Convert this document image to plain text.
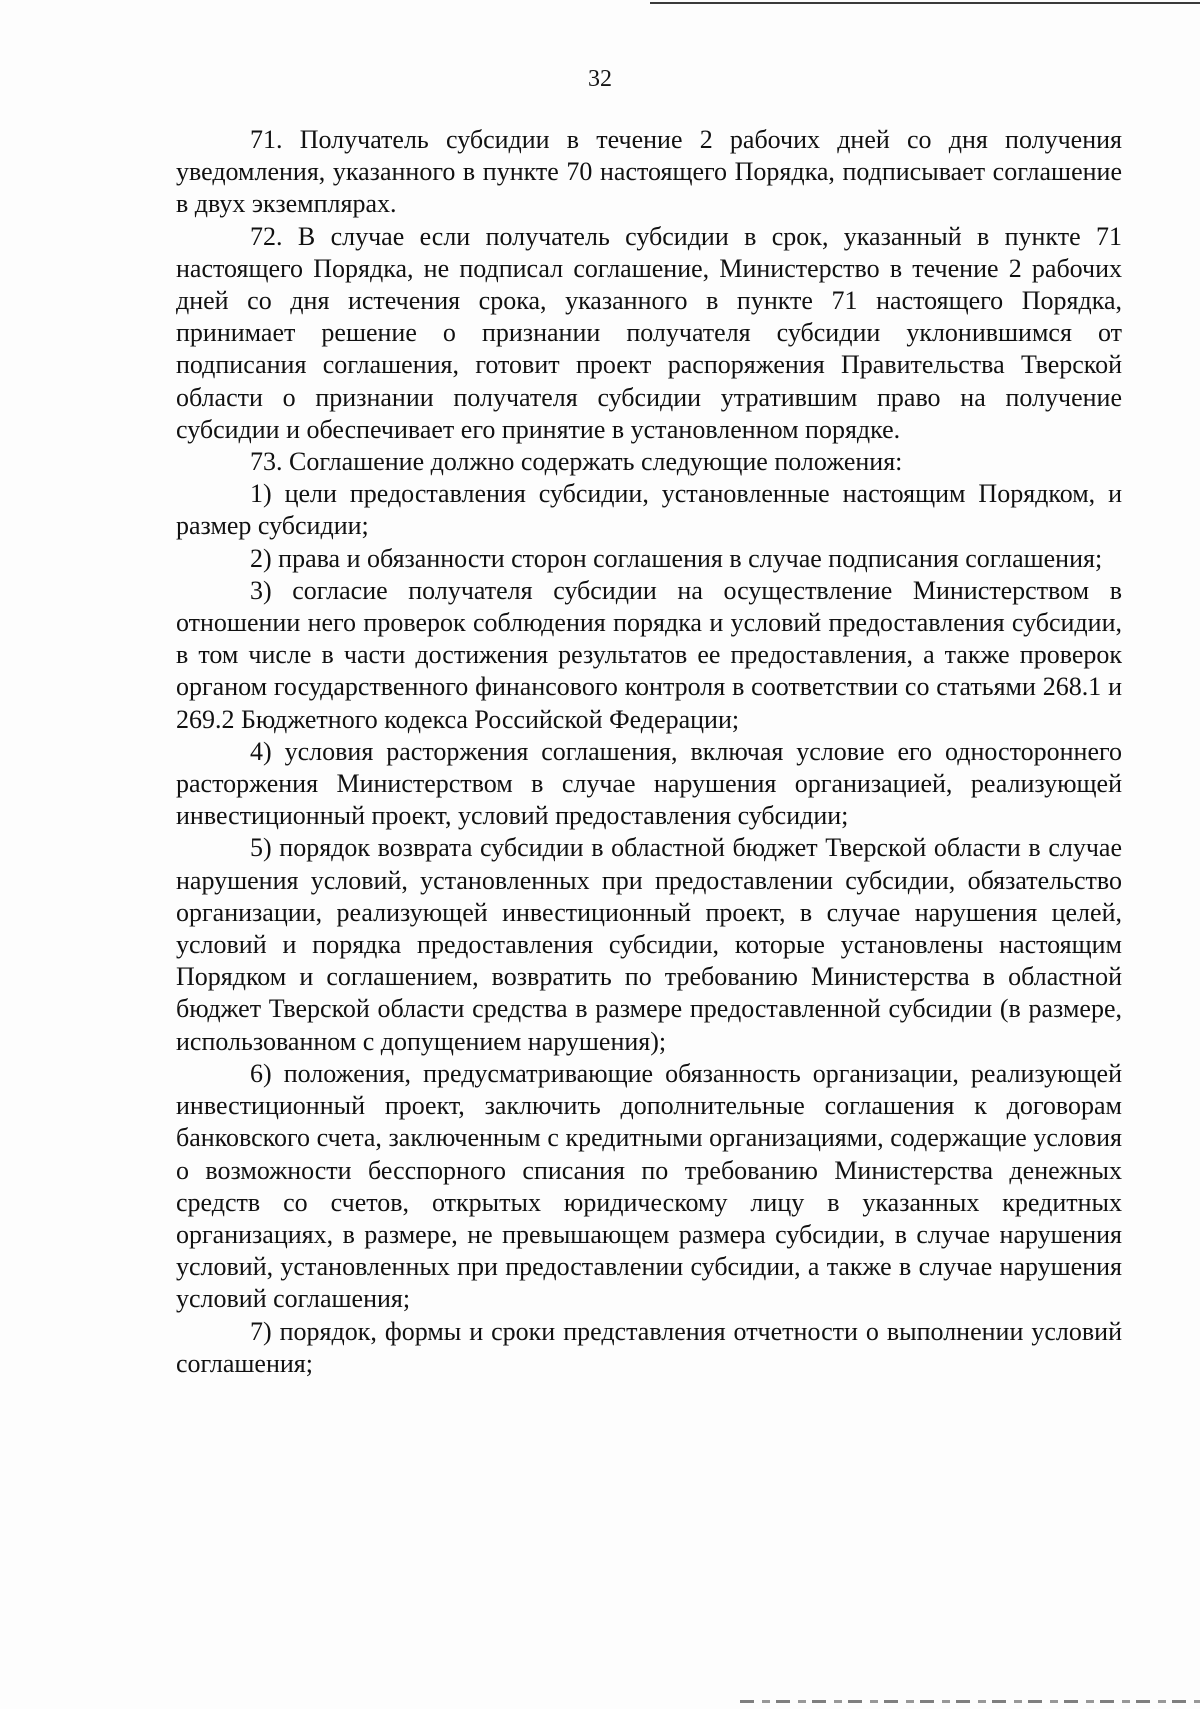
32

71. Получатель субсидии в течение 2 рабочих дней со дня получения уведомления, указанного в пункте 70 настоящего Порядка, подписывает соглашение в двух экземплярах.

72. В случае если получатель субсидии в срок, указанный в пункте 71 настоящего Порядка, не подписал соглашение, Министерство в течение 2 рабочих дней со дня истечения срока, указанного в пункте 71 настоящего Порядка, принимает решение о признании получателя субсидии уклонившимся от подписания соглашения, готовит проект распоряжения Правительства Тверской области о признании получателя субсидии утратившим право на получение субсидии и обеспечивает его принятие в установленном порядке.

73. Соглашение должно содержать следующие положения:

1) цели предоставления субсидии, установленные настоящим Порядком, и размер субсидии;

2) права и обязанности сторон соглашения в случае подписания соглашения;

3) согласие получателя субсидии на осуществление Министерством в отношении него проверок соблюдения порядка и условий предоставления субсидии, в том числе в части достижения результатов ее предоставления, а также проверок органом государственного финансового контроля в соответствии со статьями 268.1 и 269.2 Бюджетного кодекса Российской Федерации;

4) условия расторжения соглашения, включая условие его одностороннего расторжения Министерством в случае нарушения организацией, реализующей инвестиционный проект, условий предоставления субсидии;

5) порядок возврата субсидии в областной бюджет Тверской области в случае нарушения условий, установленных при предоставлении субсидии, обязательство организации, реализующей инвестиционный проект, в случае нарушения целей, условий и порядка предоставления субсидии, которые установлены настоящим Порядком и соглашением, возвратить по требованию Министерства в областной бюджет Тверской области средства в размере предоставленной субсидии (в размере, использованном с допущением нарушения);

6) положения, предусматривающие обязанность организации, реализующей инвестиционный проект, заключить дополнительные соглашения к договорам банковского счета, заключенным с кредитными организациями, содержащие условия о возможности бесспорного списания по требованию Министерства денежных средств со счетов, открытых юридическому лицу в указанных кредитных организациях, в размере, не превышающем размера субсидии, в случае нарушения условий, установленных при предоставлении субсидии, а также в случае нарушения условий соглашения;

7) порядок, формы и сроки представления отчетности о выполнении условий соглашения;
